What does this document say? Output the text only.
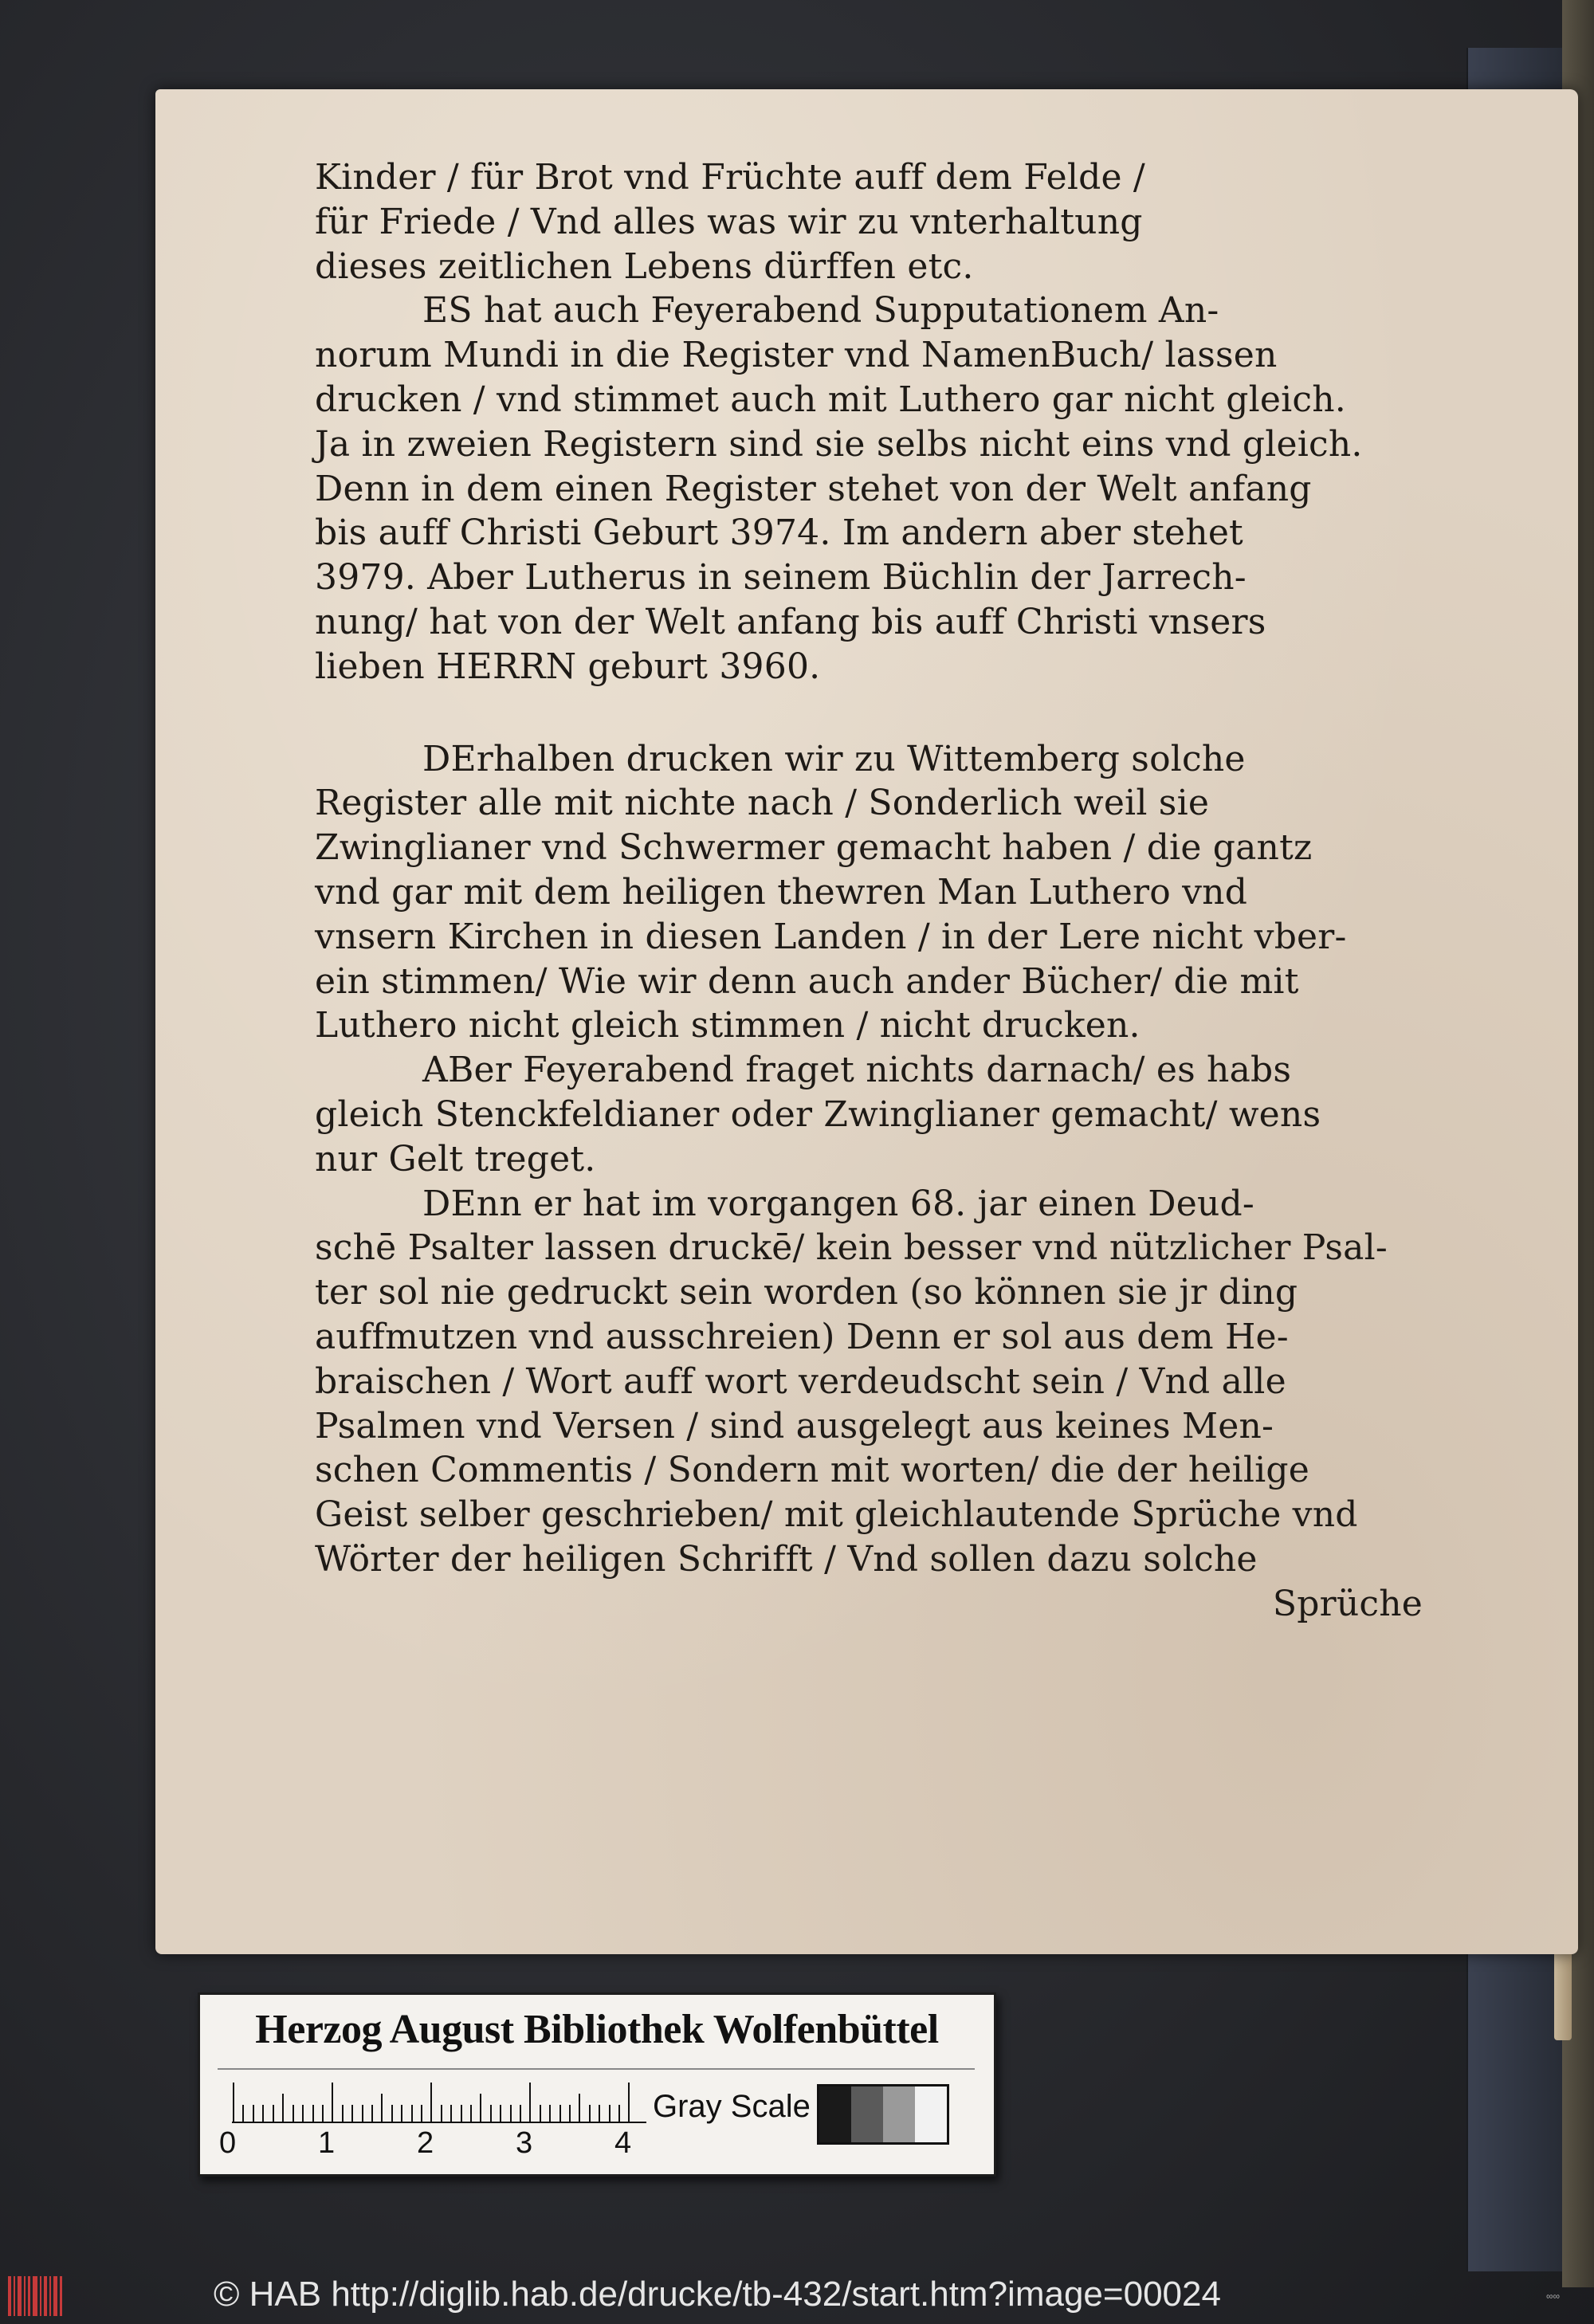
Kinder / für Brot vnd Früchte auff dem Felde /
für Friede / Vnd alles was wir zu vnterhaltung
dieses zeitlichen Lebens dürffen etc.
ES hat auch Feyerabend Supputationem An-
norum Mundi in die Register vnd NamenBuch/ lassen
drucken / vnd stimmet auch mit Luthero gar nicht gleich.
Ja in zweien Registern sind sie selbs nicht eins vnd gleich.
Denn in dem einen Register stehet von der Welt anfang
bis auff Christi Geburt 3974. Im andern aber stehet
3979. Aber Lutherus in seinem Büchlin der Jarrech-
nung/ hat von der Welt anfang bis auff Christi vnsers
lieben HERRN geburt 3960.
DErhalben drucken wir zu Wittemberg solche
Register alle mit nichte nach / Sonderlich weil sie
Zwinglianer vnd Schwermer gemacht haben / die gantz
vnd gar mit dem heiligen thewren Man Luthero vnd
vnsern Kirchen in diesen Landen / in der Lere nicht vber-
ein stimmen/ Wie wir denn auch ander Bücher/ die mit
Luthero nicht gleich stimmen / nicht drucken.
ABer Feyerabend fraget nichts darnach/ es habs
gleich Stenckfeldianer oder Zwinglianer gemacht/ wens
nur Gelt treget.
DEnn er hat im vorgangen 68. jar einen Deud-
schē Psalter lassen druckē/ kein besser vnd nützlicher Psal-
ter sol nie gedruckt sein worden (so können sie jr ding
auffmutzen vnd ausschreien) Denn er sol aus dem He-
braischen / Wort auff wort verdeudscht sein / Vnd alle
Psalmen vnd Versen / sind ausgelegt aus keines Men-
schen Commentis / Sondern mit worten/ die der heilige
Geist selber geschrieben/ mit gleichlautende Sprüche vnd
Wörter der heiligen Schrifft / Vnd sollen dazu solche
Sprüche
Herzog August Bibliothek Wolfenbüttel
0	1	2	3	4
Gray Scale
© HAB http://diglib.hab.de/drucke/tb-432/start.htm?image=00024	∞∞
